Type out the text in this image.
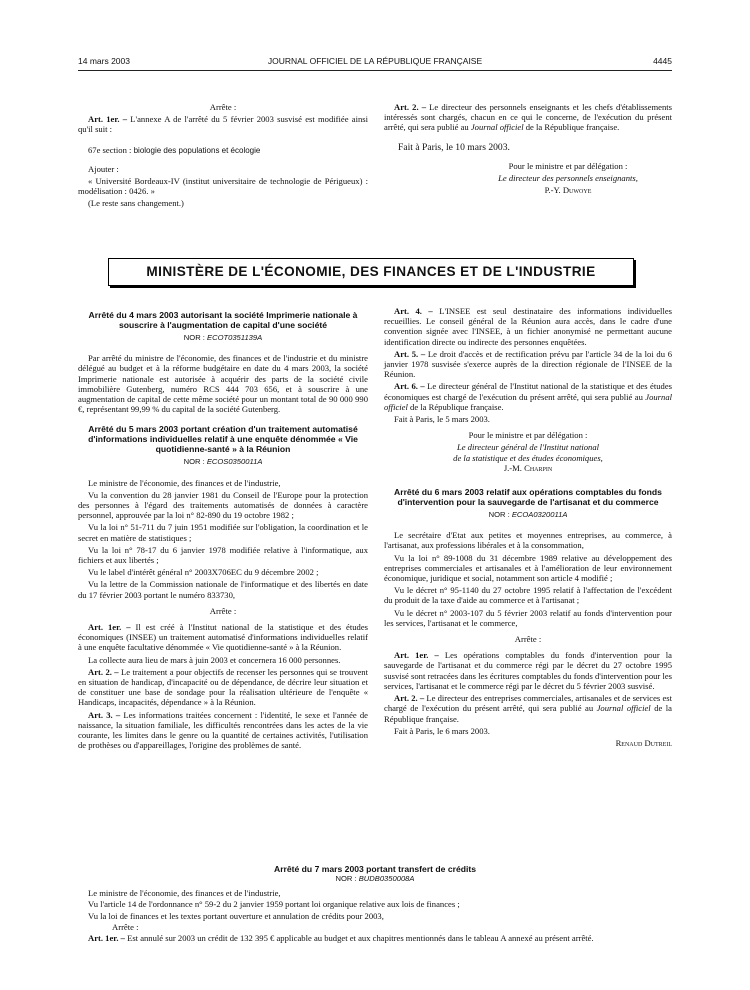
14 mars 2003	JOURNAL OFFICIEL DE LA RÉPUBLIQUE FRANÇAISE	4445

Arrête :

Art. 1er. – L'annexe A de l'arrêté du 5 février 2003 susvisé est modifiée ainsi qu'il suit :

67e section : biologie des populations et écologie

Ajouter :

« Université Bordeaux-IV (institut universitaire de technologie de Périgueux) : modélisation : 0426. »

(Le reste sans changement.)

Art. 2. – Le directeur des personnels enseignants et les chefs d'établissements intéressés sont chargés, chacun en ce qui le concerne, de l'exécution du présent arrêté, qui sera publié au Journal officiel de la République française.

Fait à Paris, le 10 mars 2003.

Pour le ministre et par délégation :

Le directeur des personnels enseignants,

P.-Y. Duwoye

MINISTÈRE DE L'ÉCONOMIE, DES FINANCES ET DE L'INDUSTRIE
Arrêté du 4 mars 2003 autorisant la société Imprimerie nationale à souscrire à l'augmentation de capital d'une société
NOR : ECOT0351139A

Par arrêté du ministre de l'économie, des finances et de l'industrie et du ministre délégué au budget et à la réforme budgétaire en date du 4 mars 2003, la société Imprimerie nationale est autorisée à acquérir des parts de la société civile immobilière Gutenberg, numéro RCS 444 703 656, et à souscrire à une augmentation de capital de cette même société pour un montant total de 90 000 990 €, représentant 99,99 % du capital de la société Gutenberg.

Arrêté du 5 mars 2003 portant création d'un traitement automatisé d'informations individuelles relatif à une enquête dénommée « Vie quotidienne-santé » à la Réunion
NOR : ECOS0350011A

Le ministre de l'économie, des finances et de l'industrie,

Vu la convention du 28 janvier 1981 du Conseil de l'Europe pour la protection des personnes à l'égard des traitements automatisés de données à caractère personnel, approuvée par la loi n° 82-890 du 19 octobre 1982 ;

Vu la loi n° 51-711 du 7 juin 1951 modifiée sur l'obligation, la coordination et le secret en matière de statistiques ;

Vu la loi n° 78-17 du 6 janvier 1978 modifiée relative à l'informatique, aux fichiers et aux libertés ;

Vu le label d'intérêt général n° 2003X706EC du 9 décembre 2002 ;

Vu la lettre de la Commission nationale de l'informatique et des libertés en date du 17 février 2003 portant le numéro 833730,

Arrête :

Art. 1er. – Il est créé à l'Institut national de la statistique et des études économiques (INSEE) un traitement automatisé d'informations individuelles relatif à une enquête facultative dénommée « Vie quotidienne-santé » à la Réunion.

La collecte aura lieu de mars à juin 2003 et concernera 16 000 personnes.

Art. 2. – Le traitement a pour objectifs de recenser les personnes qui se trouvent en situation de handicap, d'incapacité ou de dépendance, de décrire leur situation et de constituer une base de sondage pour la réalisation ultérieure de l'enquête « Handicaps, incapacités, dépendance » à la Réunion.

Art. 3. – Les informations traitées concernent : l'identité, le sexe et l'année de naissance, la situation familiale, les difficultés rencontrées dans les actes de la vie courante, les limites dans le genre ou la quantité de certaines activités, l'utilisation de prothèses ou d'appareillages, l'origine des problèmes de santé.

Art. 4. – L'INSEE est seul destinataire des informations individuelles recueillies. Le conseil général de la Réunion aura accès, dans le cadre d'une convention signée avec l'INSEE, à un fichier anonymisé ne permettant aucune identification directe ou indirecte des personnes enquêtées.

Art. 5. – Le droit d'accès et de rectification prévu par l'article 34 de la loi du 6 janvier 1978 susvisée s'exerce auprès de la direction régionale de l'INSEE de la Réunion.

Art. 6. – Le directeur général de l'Institut national de la statistique et des études économiques est chargé de l'exécution du présent arrêté, qui sera publié au Journal officiel de la République française.

Fait à Paris, le 5 mars 2003.

Pour le ministre et par délégation :

Le directeur général de l'Institut national

de la statistique et des études économiques,

J.-M. Charpin

Arrêté du 6 mars 2003 relatif aux opérations comptables du fonds d'intervention pour la sauvegarde de l'artisanat et du commerce
NOR : ECOA0320011A

Le secrétaire d'Etat aux petites et moyennes entreprises, au commerce, à l'artisanat, aux professions libérales et à la consommation,

Vu la loi n° 89-1008 du 31 décembre 1989 relative au développement des entreprises commerciales et artisanales et à l'amélioration de leur environnement économique, juridique et social, notamment son article 4 modifié ;

Vu le décret n° 95-1140 du 27 octobre 1995 relatif à l'affectation de l'excédent du produit de la taxe d'aide au commerce et à l'artisanat ;

Vu le décret n° 2003-107 du 5 février 2003 relatif au fonds d'intervention pour les services, l'artisanat et le commerce,

Arrête :

Art. 1er. – Les opérations comptables du fonds d'intervention pour la sauvegarde de l'artisanat et du commerce régi par le décret du 27 octobre 1995 susvisé sont retracées dans les écritures comptables du fonds d'intervention pour les services, l'artisanat et le commerce régi par le décret du 5 février 2003 susvisé.

Art. 2. – Le directeur des entreprises commerciales, artisanales et de services est chargé de l'exécution du présent arrêté, qui sera publié au Journal officiel de la République française.

Fait à Paris, le 6 mars 2003.

Renaud Dutreil

Arrêté du 7 mars 2003 portant transfert de crédits
NOR : BUDB0350008A

Le ministre de l'économie, des finances et de l'industrie,

Vu l'article 14 de l'ordonnance n° 59-2 du 2 janvier 1959 portant loi organique relative aux lois de finances ;

Vu la loi de finances et les textes portant ouverture et annulation de crédits pour 2003,

Arrête :

Art. 1er. – Est annulé sur 2003 un crédit de 132 395 € applicable au budget et aux chapitres mentionnés dans le tableau A annexé au présent arrêté.
